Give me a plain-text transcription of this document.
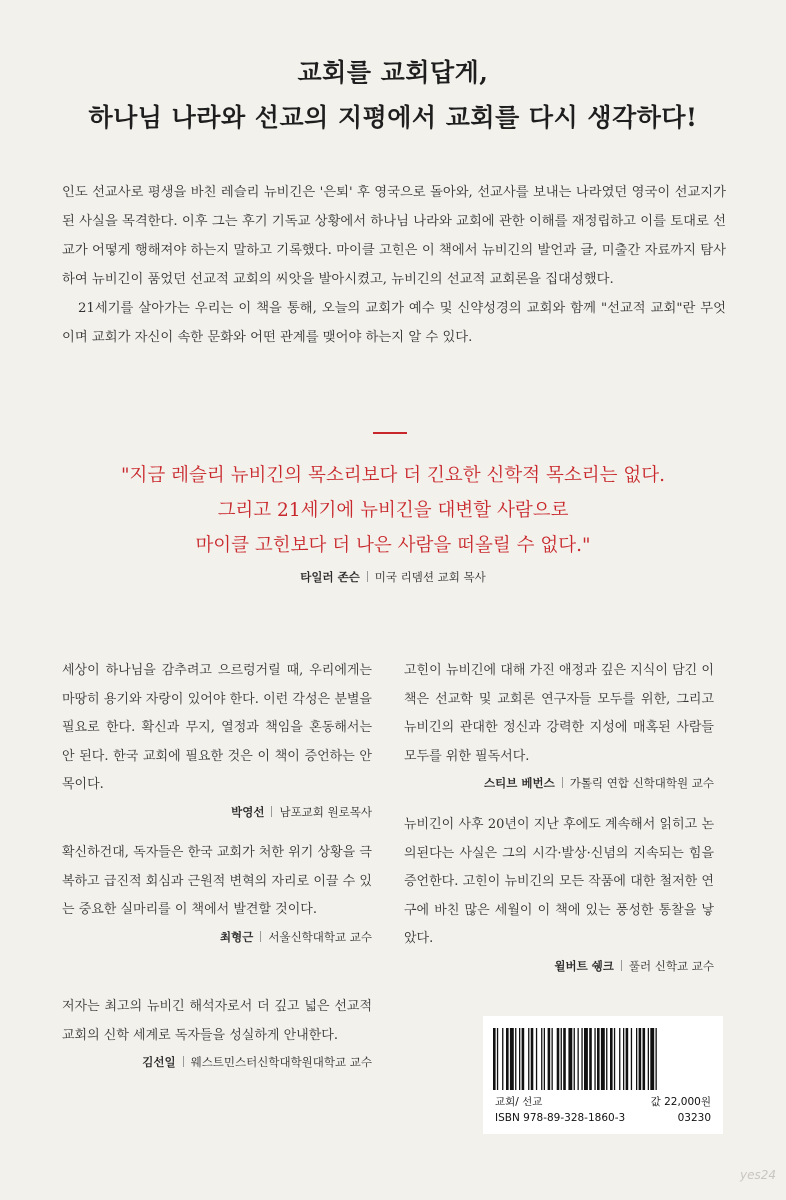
교회를 교회답게,
하나님 나라와 선교의 지평에서 교회를 다시 생각하다!

인도 선교사로 평생을 바친 레슬리 뉴비긴은 '은퇴' 후 영국으로 돌아와, 선교사를 보내는 나라였던 영국이 선교지가 된 사실을 목격한다. 이후 그는 후기 기독교 상황에서 하나님 나라와 교회에 관한 이해를 재정립하고 이를 토대로 선교가 어떻게 행해져야 하는지 말하고 기록했다. 마이클 고힌은 이 책에서 뉴비긴의 발언과 글, 미출간 자료까지 탐사하여 뉴비긴이 품었던 선교적 교회의 씨앗을 발아시켰고, 뉴비긴의 선교적 교회론을 집대성했다.

21세기를 살아가는 우리는 이 책을 통해, 오늘의 교회가 예수 및 신약성경의 교회와 함께 "선교적 교회"란 무엇이며 교회가 자신이 속한 문화와 어떤 관계를 맺어야 하는지 알 수 있다.

"지금 레슬리 뉴비긴의 목소리보다 더 긴요한 신학적 목소리는 없다.
그리고 21세기에 뉴비긴을 대변할 사람으로
마이클 고힌보다 더 나은 사람을 떠올릴 수 없다."
타일러 존슨 미국 리뎀션 교회 목사

세상이 하나님을 감추려고 으르렁거릴 때, 우리에게는 마땅히 용기와 자랑이 있어야 한다. 이런 각성은 분별을 필요로 한다. 확신과 무지, 열정과 책임을 혼동해서는 안 된다. 한국 교회에 필요한 것은 이 책이 증언하는 안목이다.

박영선 남포교회 원로목사

확신하건대, 독자들은 한국 교회가 처한 위기 상황을 극복하고 급진적 회심과 근원적 변혁의 자리로 이끌 수 있는 중요한 실마리를 이 책에서 발견할 것이다.

최형근 서울신학대학교 교수

저자는 최고의 뉴비긴 해석자로서 더 깊고 넓은 선교적 교회의 신학 세계로 독자들을 성실하게 안내한다.

김선일 웨스트민스터신학대학원대학교 교수

고힌이 뉴비긴에 대해 가진 애정과 깊은 지식이 담긴 이 책은 선교학 및 교회론 연구자들 모두를 위한, 그리고 뉴비긴의 관대한 정신과 강력한 지성에 매혹된 사람들 모두를 위한 필독서다.

스티브 베번스 가톨릭 연합 신학대학원 교수

뉴비긴이 사후 20년이 지난 후에도 계속해서 읽히고 논의된다는 사실은 그의 시각·발상·신념의 지속되는 힘을 증언한다. 고힌이 뉴비긴의 모든 작품에 대한 철저한 연구에 바친 많은 세월이 이 책에 있는 풍성한 통찰을 낳았다.

윌버트 쉥크 풀러 신학교 교수
교회/ 선교	값 22,000원
ISBN 978-89-328-1860-3	03230
yes24
